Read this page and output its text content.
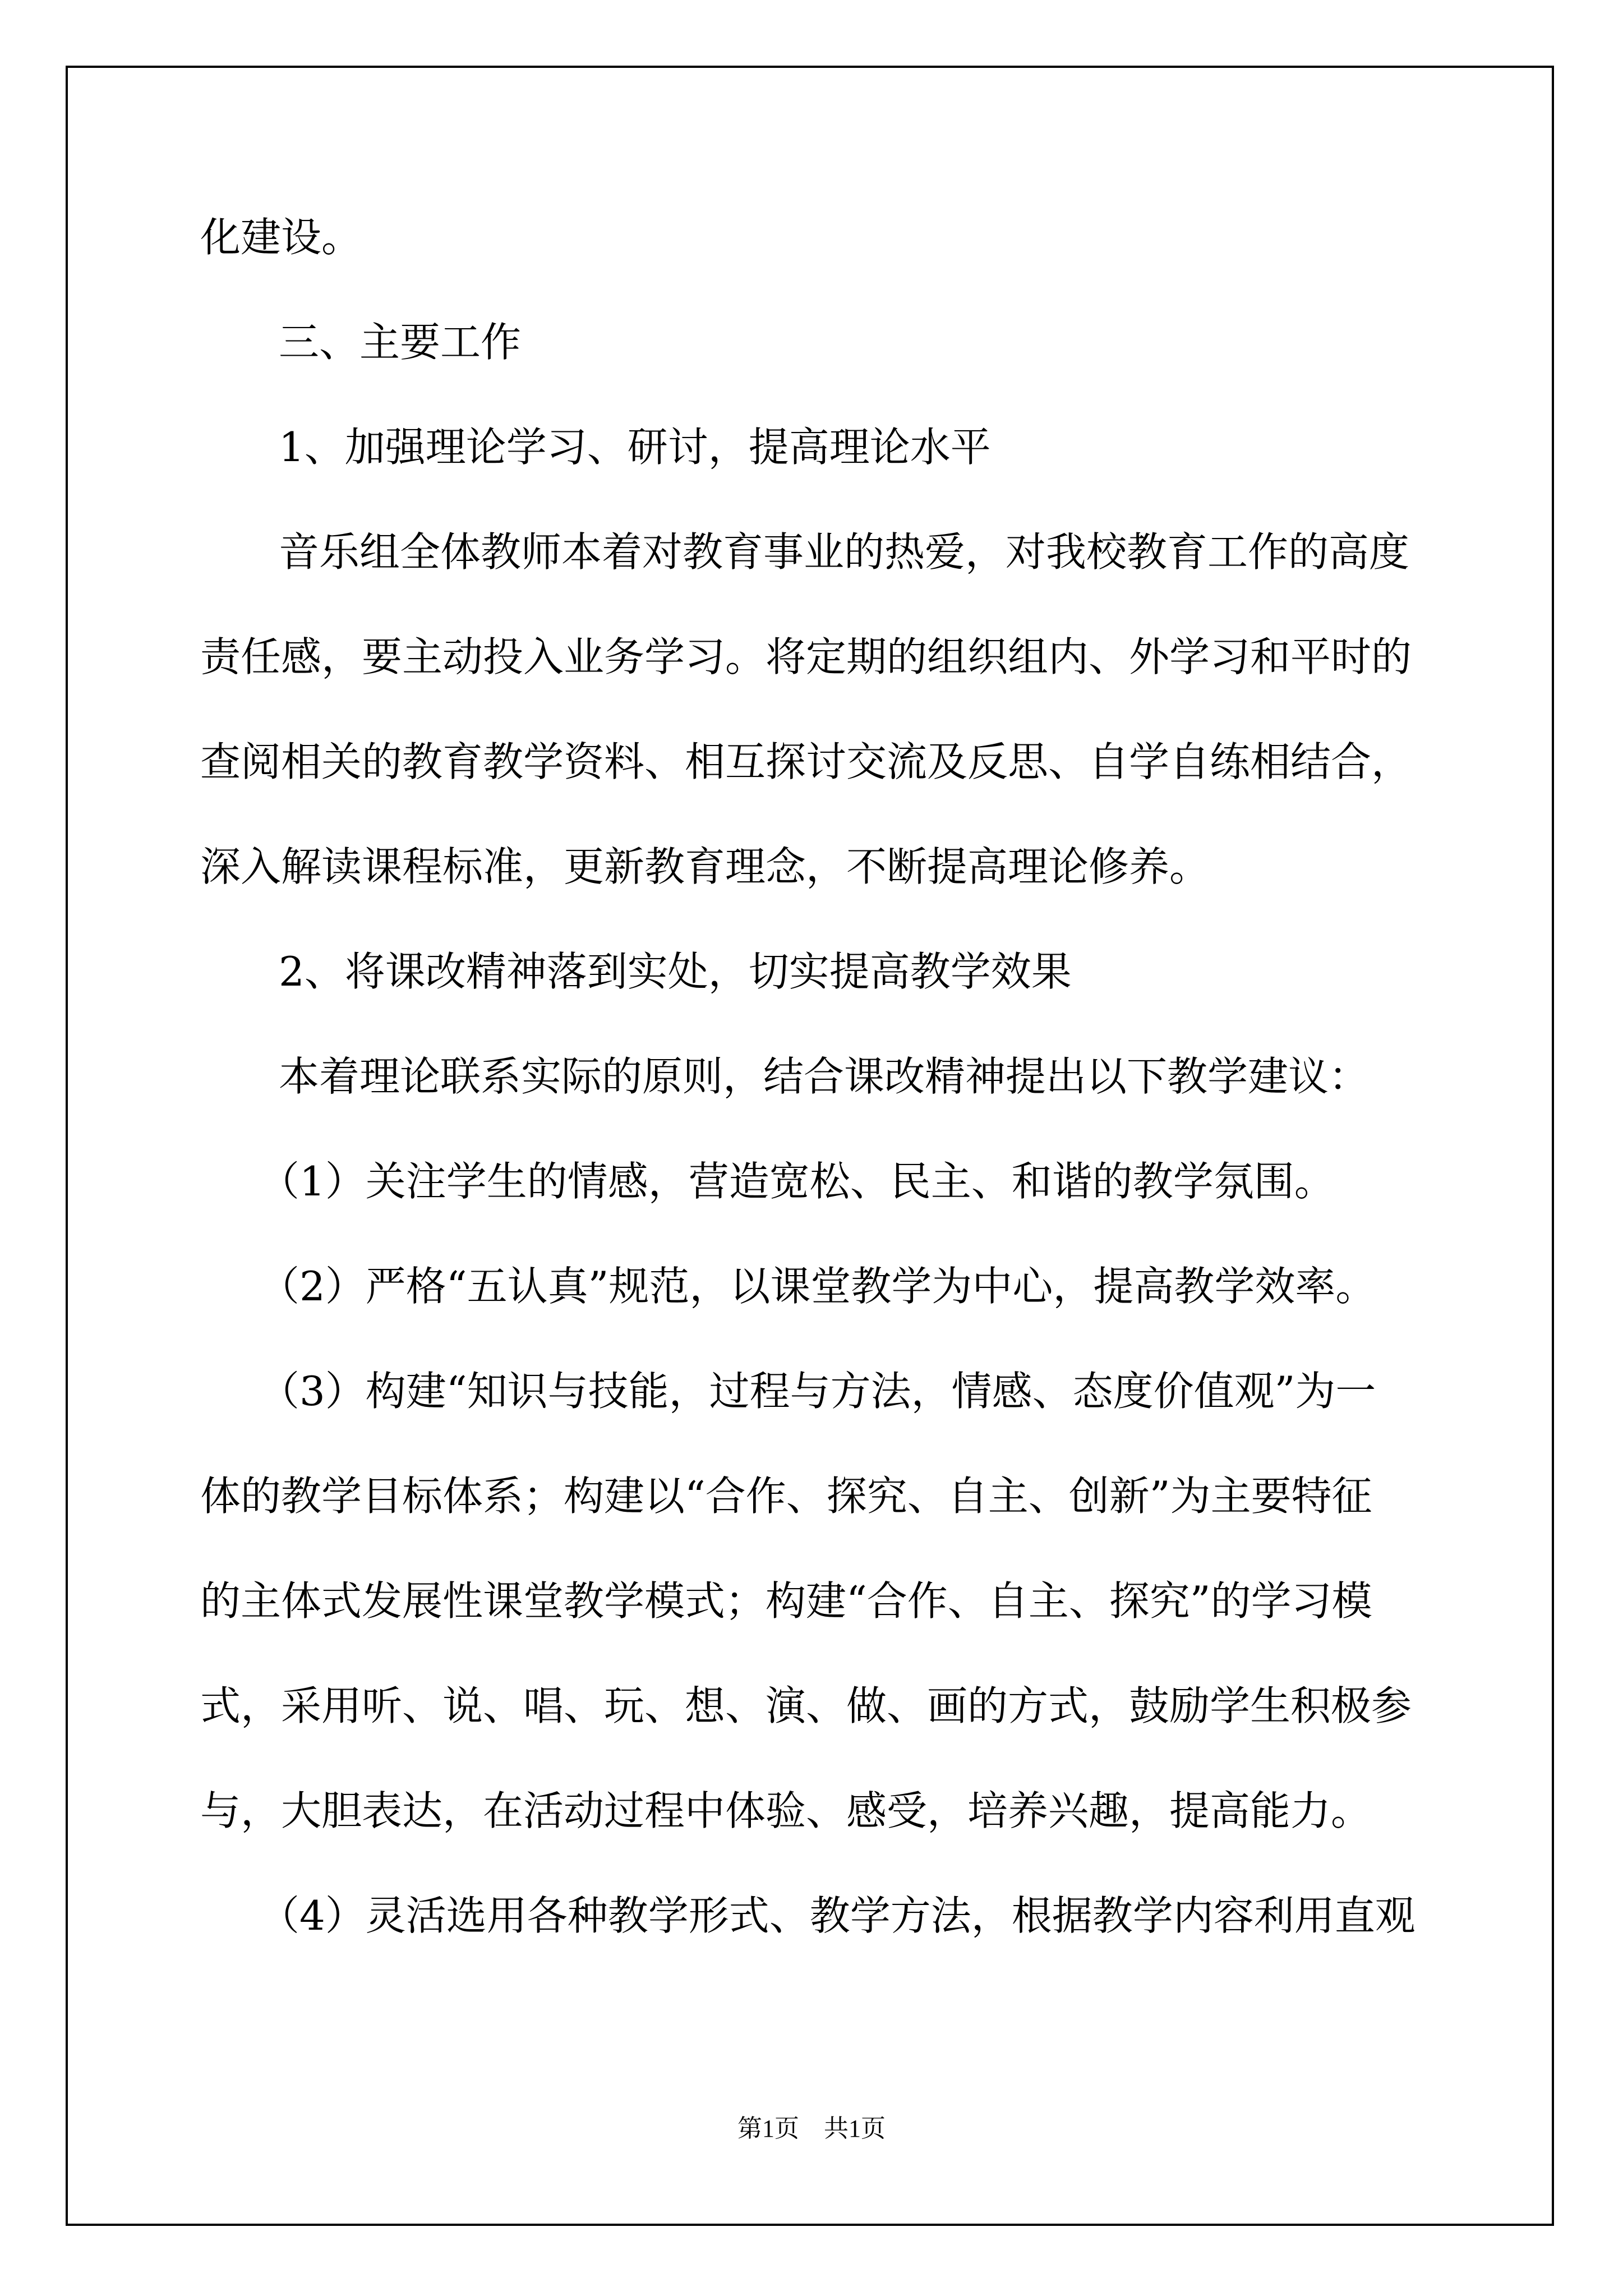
化建设。
三、主要工作
1、加强理论学习、研讨，提高理论水平
音乐组全体教师本着对教育事业的热爱，对我校教育工作的高度
责任感，要主动投入业务学习。将定期的组织组内、外学习和平时的
查阅相关的教育教学资料、相互探讨交流及反思、自学自练相结合，
深入解读课程标准，更新教育理念，不断提高理论修养。
2、将课改精神落到实处，切实提高教学效果
本着理论联系实际的原则，结合课改精神提出以下教学建议：
（1）关注学生的情感，营造宽松、民主、和谐的教学氛围。
（2）严格“五认真”规范，以课堂教学为中心，提高教学效率。
（3）构建“知识与技能，过程与方法，情感、态度价值观”为一
体的教学目标体系；构建以“合作、探究、自主、创新”为主要特征
的主体式发展性课堂教学模式；构建“合作、自主、探究”的学习模
式，采用听、说、唱、玩、想、演、做、画的方式，鼓励学生积极参
与，大胆表达，在活动过程中体验、感受，培养兴趣，提高能力。
（4）灵活选用各种教学形式、教学方法，根据教学内容利用直观
第1页 共1页
